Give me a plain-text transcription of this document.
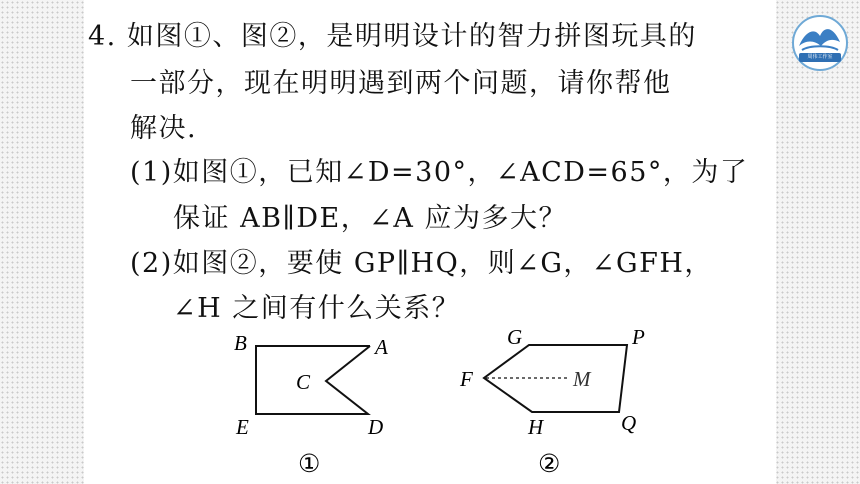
4. 如图①、图②，是明明设计的智力拼图玩具的
一部分，现在明明遇到两个问题，请你帮他
解决.
(1)如图①，已知∠D=30°，∠ACD=65°，为了
保证 AB∥DE，∠A 应为多大？
(2)如图②，要使 GP∥HQ，则∠G，∠GFH，
∠H 之间有什么关系？
B	A
C
E	D
①
G	P
F	M
H	Q
②
周伟工作室
